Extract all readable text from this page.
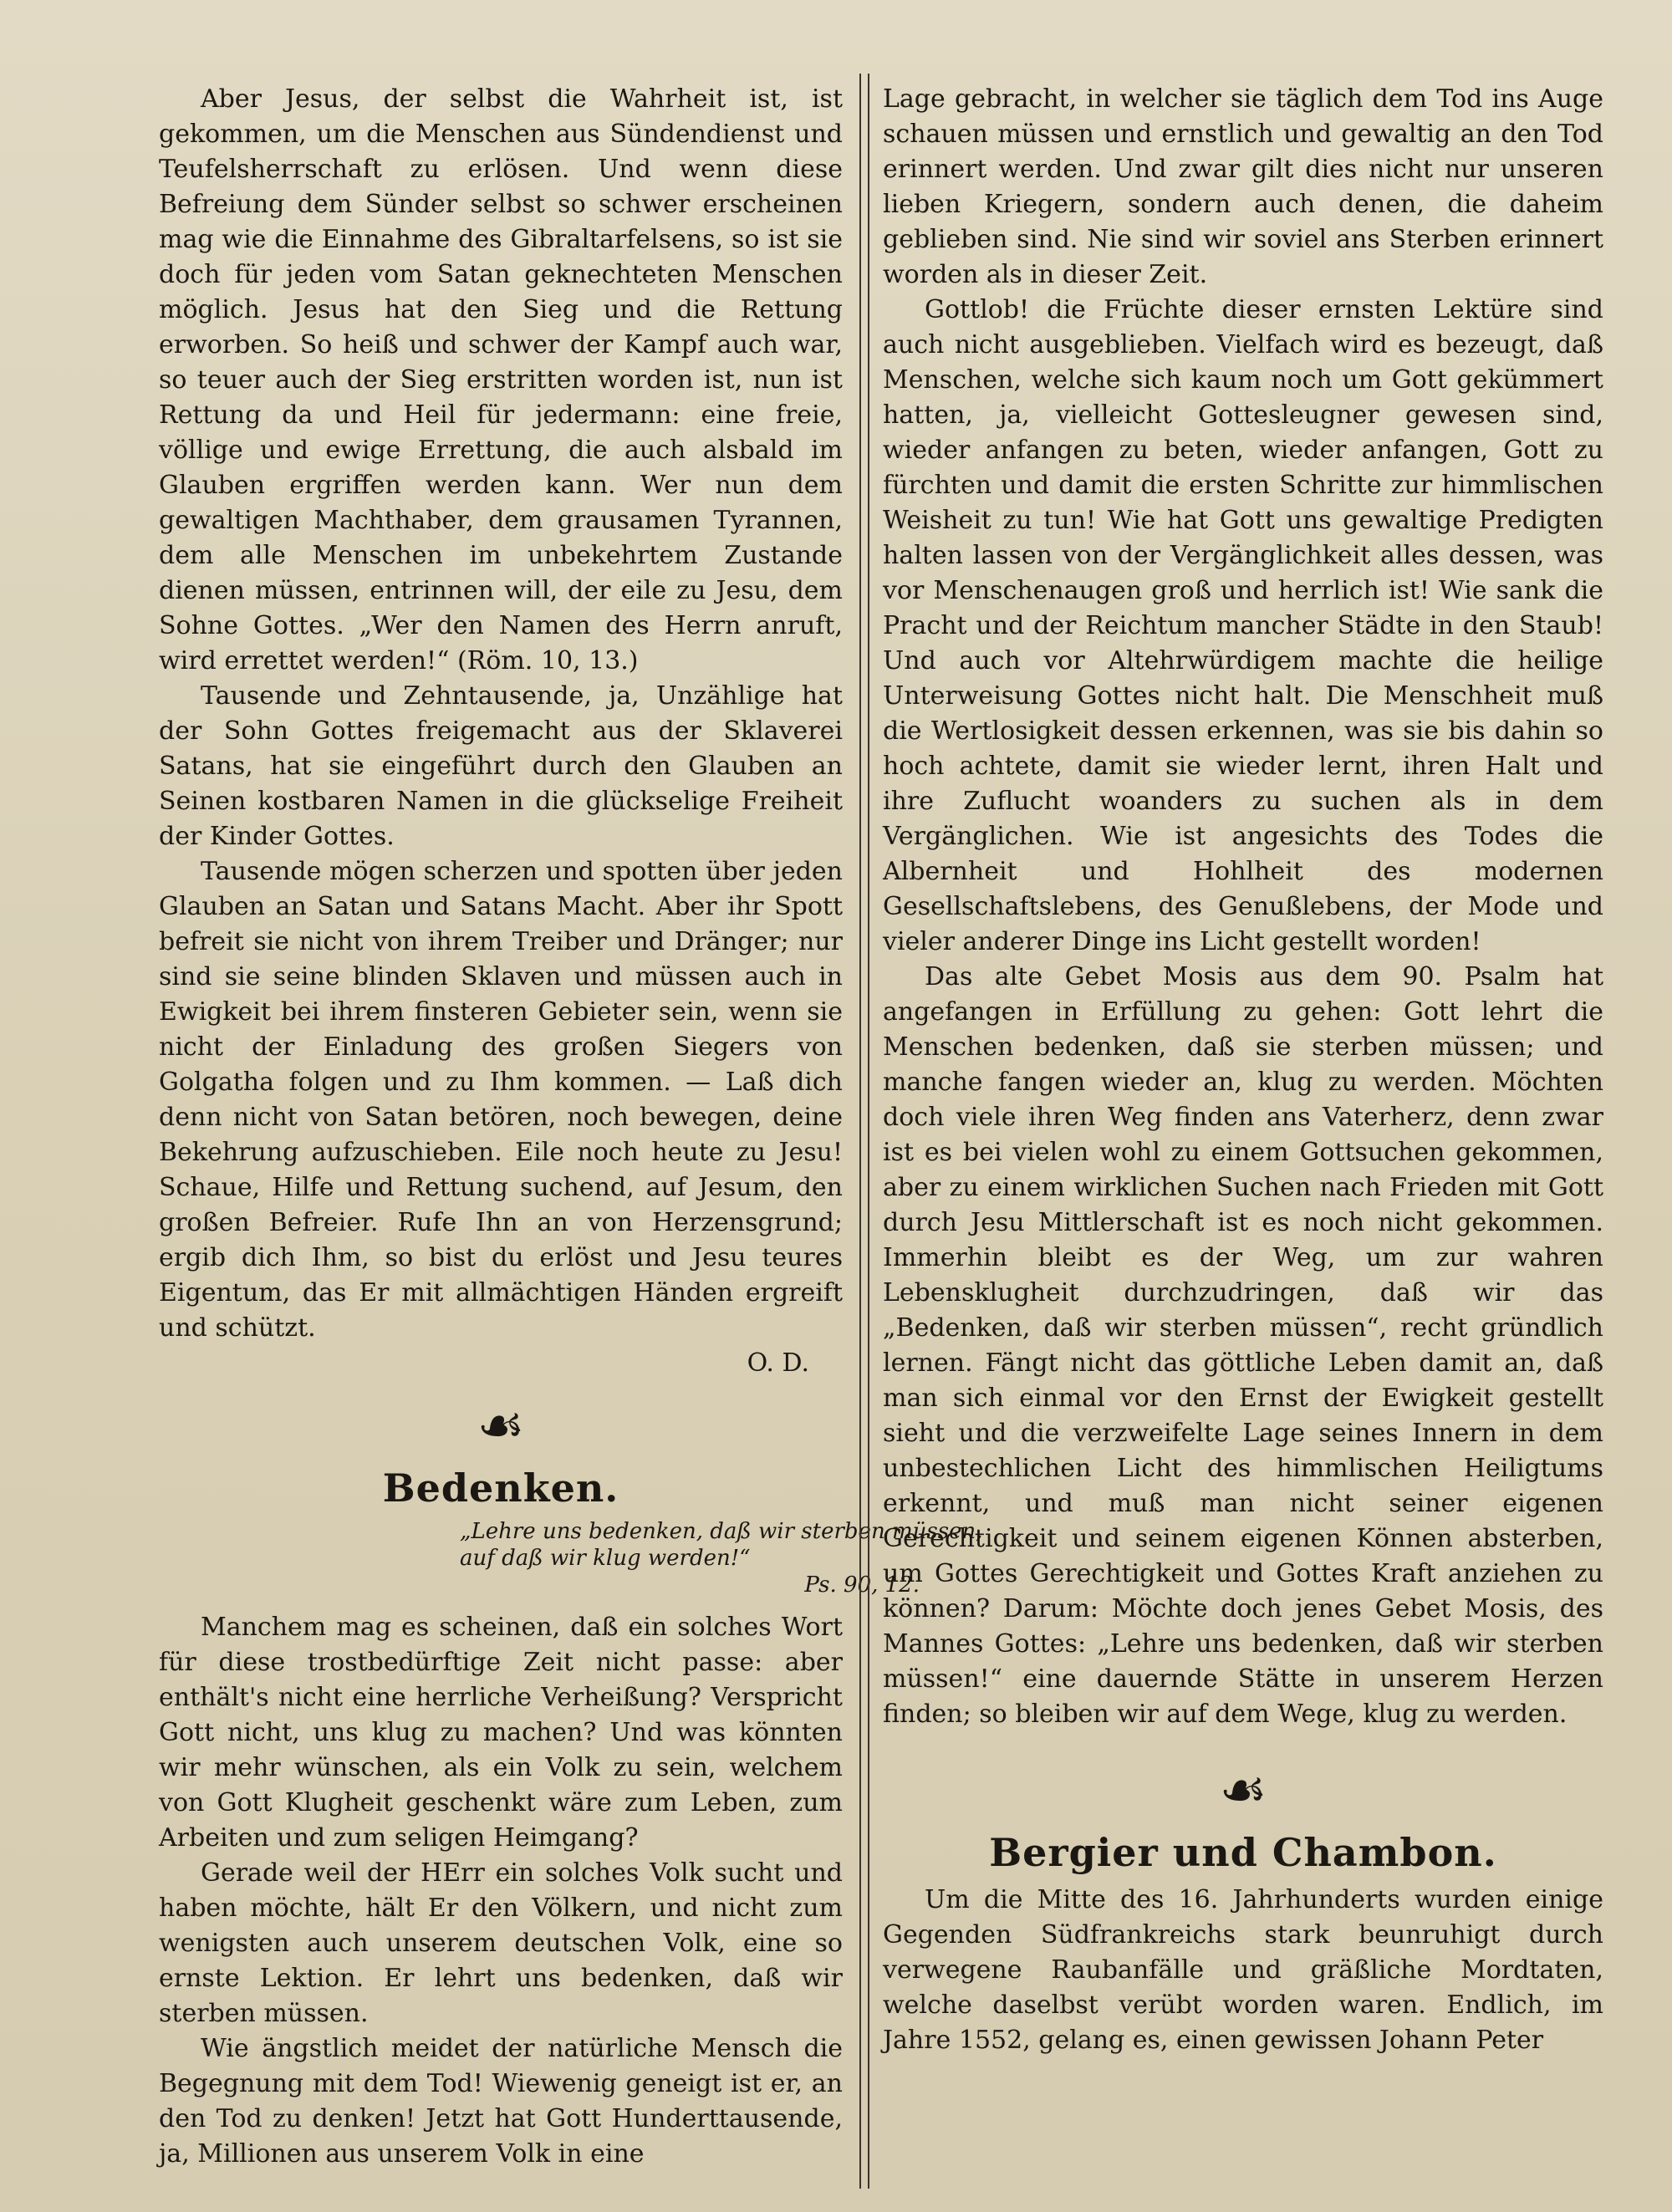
Aber Jesus, der selbst die Wahrheit ist, ist gekommen, um die Menschen aus Sündendienst und Teufelsherrschaft zu erlösen. Und wenn diese Befreiung dem Sünder selbst so schwer erscheinen mag wie die Einnahme des Gibraltarfelsens, so ist sie doch für jeden vom Satan geknechteten Menschen möglich. Jesus hat den Sieg und die Rettung erworben. So heiß und schwer der Kampf auch war, so teuer auch der Sieg erstritten worden ist, nun ist Rettung da und Heil für jedermann: eine freie, völlige und ewige Errettung, die auch alsbald im Glauben ergriffen werden kann. Wer nun dem gewaltigen Machthaber, dem grausamen Tyrannen, dem alle Menschen im unbekehrtem Zustande dienen müssen, entrinnen will, der eile zu Jesu, dem Sohne Gottes. „Wer den Namen des Herrn anruft, wird errettet werden!“ (Röm. 10, 13.)

Tausende und Zehntausende, ja, Unzählige hat der Sohn Gottes freigemacht aus der Sklaverei Satans, hat sie eingeführt durch den Glauben an Seinen kostbaren Namen in die glückselige Freiheit der Kinder Gottes.

Tausende mögen scherzen und spotten über jeden Glauben an Satan und Satans Macht. Aber ihr Spott befreit sie nicht von ihrem Treiber und Dränger; nur sind sie seine blinden Sklaven und müssen auch in Ewigkeit bei ihrem finsteren Gebieter sein, wenn sie nicht der Einladung des großen Siegers von Golgatha folgen und zu Ihm kommen. — Laß dich denn nicht von Satan betören, noch bewegen, deine Bekehrung aufzuschieben. Eile noch heute zu Jesu! Schaue, Hilfe und Rettung suchend, auf Jesum, den großen Befreier. Rufe Ihn an von Herzensgrund; ergib dich Ihm, so bist du erlöst und Jesu teures Eigentum, das Er mit allmächtigen Händen ergreift und schützt.

O. D.

☙
Bedenken.
„Lehre uns bedenken, daß wir sterben müssen, auf daß wir klug werden!“
Ps. 90, 12.

Manchem mag es scheinen, daß ein solches Wort für diese trostbedürftige Zeit nicht passe: aber enthält's nicht eine herrliche Verheißung? Verspricht Gott nicht, uns klug zu machen? Und was könnten wir mehr wünschen, als ein Volk zu sein, welchem von Gott Klugheit geschenkt wäre zum Leben, zum Arbeiten und zum seligen Heimgang?

Gerade weil der HErr ein solches Volk sucht und haben möchte, hält Er den Völkern, und nicht zum wenigsten auch unserem deutschen Volk, eine so ernste Lektion. Er lehrt uns bedenken, daß wir sterben müssen.

Wie ängstlich meidet der natürliche Mensch die Begegnung mit dem Tod! Wiewenig geneigt ist er, an den Tod zu denken! Jetzt hat Gott Hunderttausende, ja, Millionen aus unserem Volk in eine

Lage gebracht, in welcher sie täglich dem Tod ins Auge schauen müssen und ernstlich und gewaltig an den Tod erinnert werden. Und zwar gilt dies nicht nur unseren lieben Kriegern, sondern auch denen, die daheim geblieben sind. Nie sind wir soviel ans Sterben erinnert worden als in dieser Zeit.

Gottlob! die Früchte dieser ernsten Lektüre sind auch nicht ausgeblieben. Vielfach wird es bezeugt, daß Menschen, welche sich kaum noch um Gott gekümmert hatten, ja, vielleicht Gottesleugner gewesen sind, wieder anfangen zu beten, wieder anfangen, Gott zu fürchten und damit die ersten Schritte zur himmlischen Weisheit zu tun! Wie hat Gott uns gewaltige Predigten halten lassen von der Vergänglichkeit alles dessen, was vor Menschenaugen groß und herrlich ist! Wie sank die Pracht und der Reichtum mancher Städte in den Staub! Und auch vor Altehrwürdigem machte die heilige Unterweisung Gottes nicht halt. Die Menschheit muß die Wertlosigkeit dessen erkennen, was sie bis dahin so hoch achtete, damit sie wieder lernt, ihren Halt und ihre Zuflucht woanders zu suchen als in dem Vergänglichen. Wie ist angesichts des Todes die Albernheit und Hohlheit des modernen Gesellschaftslebens, des Genußlebens, der Mode und vieler anderer Dinge ins Licht gestellt worden!

Das alte Gebet Mosis aus dem 90. Psalm hat angefangen in Erfüllung zu gehen: Gott lehrt die Menschen bedenken, daß sie sterben müssen; und manche fangen wieder an, klug zu werden. Möchten doch viele ihren Weg finden ans Vaterherz, denn zwar ist es bei vielen wohl zu einem Gottsuchen gekommen, aber zu einem wirklichen Suchen nach Frieden mit Gott durch Jesu Mittlerschaft ist es noch nicht gekommen. Immerhin bleibt es der Weg, um zur wahren Lebensklugheit durchzudringen, daß wir das „Bedenken, daß wir sterben müssen“, recht gründlich lernen. Fängt nicht das göttliche Leben damit an, daß man sich einmal vor den Ernst der Ewigkeit gestellt sieht und die verzweifelte Lage seines Innern in dem unbestechlichen Licht des himmlischen Heiligtums erkennt, und muß man nicht seiner eigenen Gerechtigkeit und seinem eigenen Können absterben, um Gottes Gerechtigkeit und Gottes Kraft anziehen zu können? Darum: Möchte doch jenes Gebet Mosis, des Mannes Gottes: „Lehre uns bedenken, daß wir sterben müssen!“ eine dauernde Stätte in unserem Herzen finden; so bleiben wir auf dem Wege, klug zu werden.

☙
Bergier und Chambon.

Um die Mitte des 16. Jahrhunderts wurden einige Gegenden Südfrankreichs stark beunruhigt durch verwegene Raubanfälle und gräßliche Mordtaten, welche daselbst verübt worden waren. Endlich, im Jahre 1552, gelang es, einen gewissen Johann Peter
